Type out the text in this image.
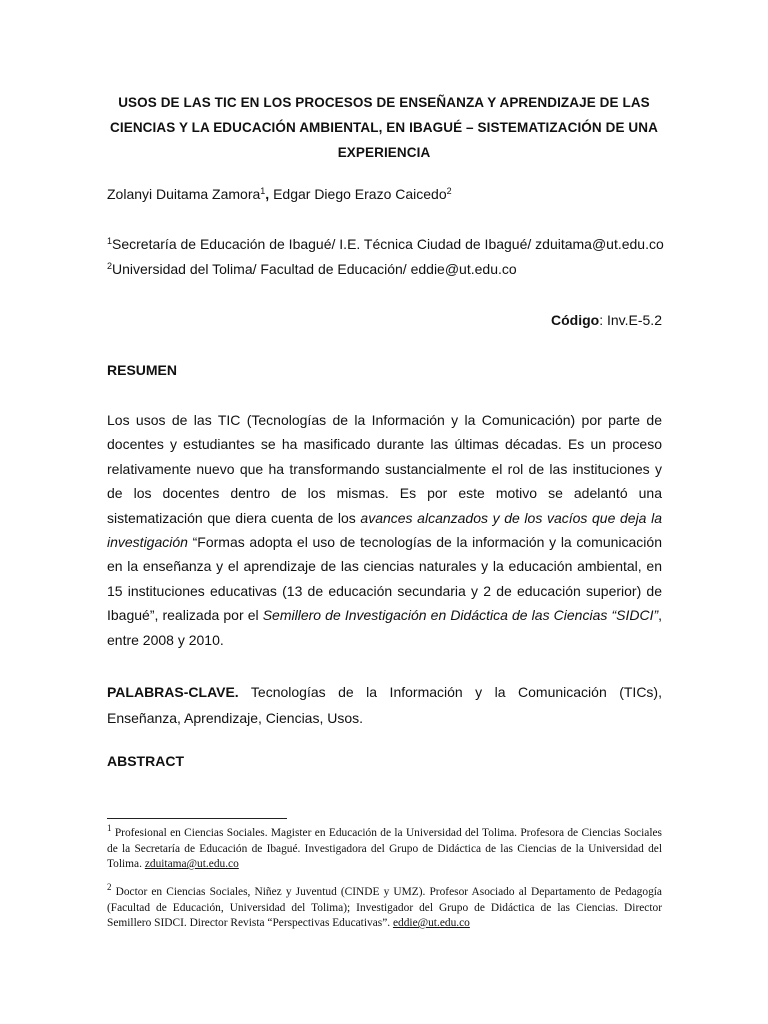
USOS DE LAS TIC EN LOS PROCESOS DE ENSEÑANZA Y APRENDIZAJE DE LAS CIENCIAS Y LA EDUCACIÓN AMBIENTAL, EN IBAGUÉ – SISTEMATIZACIÓN DE UNA EXPERIENCIA
Zolanyi Duitama Zamora$^1$, Edgar Diego Erazo Caicedo$^2$
$^1$Secretaría de Educación de Ibagué/ I.E. Técnica Ciudad de Ibagué/ zduitama@ut.edu.co
$^2$Universidad del Tolima/ Facultad de Educación/ eddie@ut.edu.co
Código: Inv.E-5.2
RESUMEN
Los usos de las TIC (Tecnologías de la Información y la Comunicación) por parte de docentes y estudiantes se ha masificado durante las últimas décadas. Es un proceso relativamente nuevo que ha transformando sustancialmente el rol de las instituciones y de los docentes dentro de los mismas. Es por este motivo se adelantó una sistematización que diera cuenta de los avances alcanzados y de los vacíos que deja la investigación “Formas adopta el uso de tecnologías de la información y la comunicación en la enseñanza y el aprendizaje de las ciencias naturales y la educación ambiental, en 15 instituciones educativas (13 de educación secundaria y 2 de educación superior) de Ibagué”, realizada por el Semillero de Investigación en Didáctica de las Ciencias “SIDCI”, entre 2008 y 2010.
PALABRAS-CLAVE. Tecnologías de la Información y la Comunicación (TICs), Enseñanza, Aprendizaje, Ciencias, Usos.
ABSTRACT
$^1$ Profesional en Ciencias Sociales. Magister en Educación de la Universidad del Tolima. Profesora de Ciencias Sociales de la Secretaría de Educación de Ibagué. Investigadora del Grupo de Didáctica de las Ciencias de la Universidad del Tolima. zduitama@ut.edu.co
$^2$ Doctor en Ciencias Sociales, Niñez y Juventud (CINDE y UMZ). Profesor Asociado al Departamento de Pedagogía (Facultad de Educación, Universidad del Tolima); Investigador del Grupo de Didáctica de las Ciencias. Director Semillero SIDCI. Director Revista “Perspectivas Educativas”. eddie@ut.edu.co
